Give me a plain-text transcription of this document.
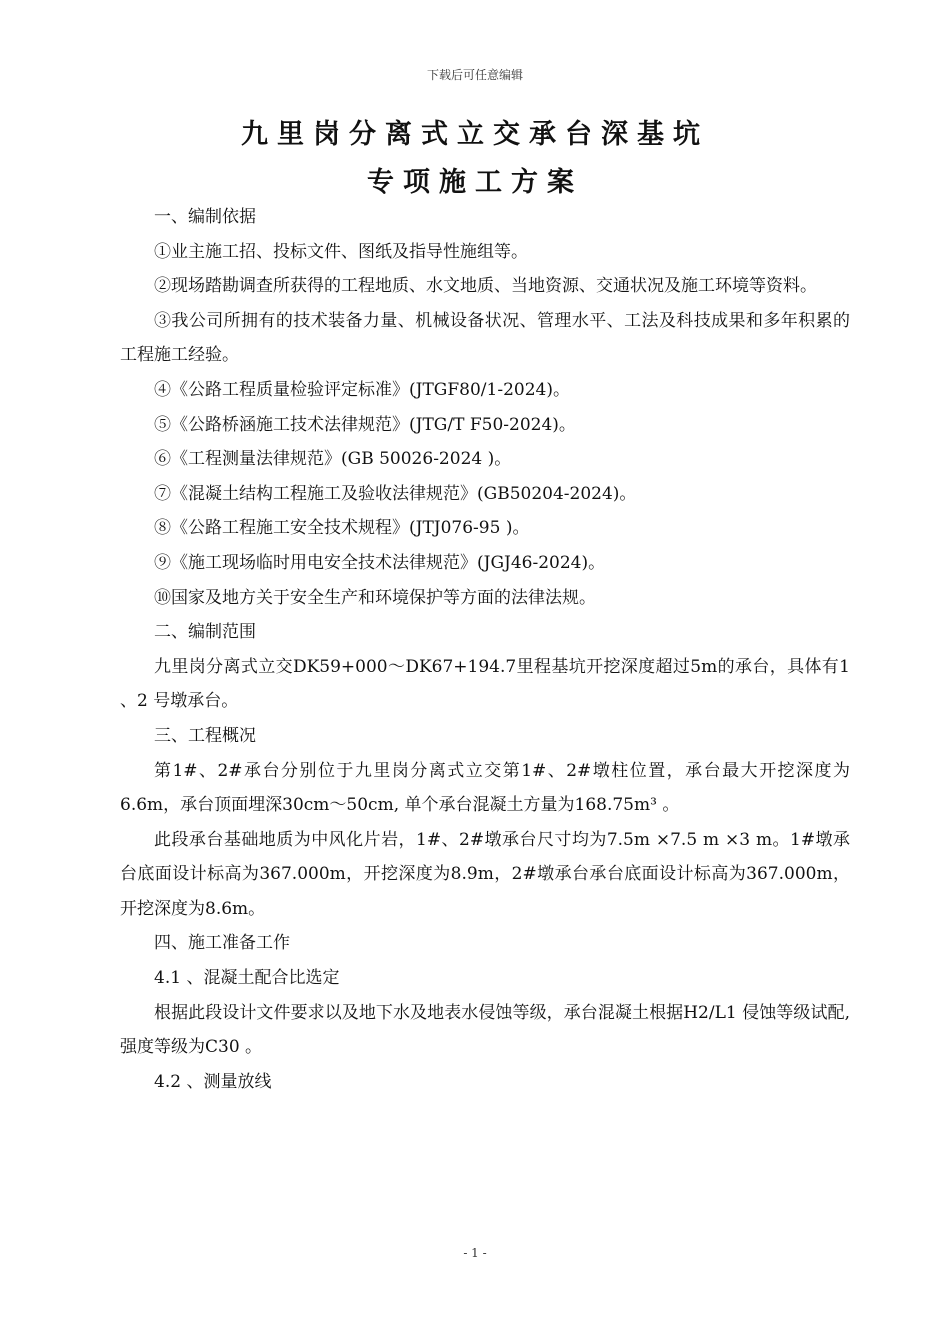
下载后可任意编辑
九里岗分离式立交承台深基坑
专项施工方案

一、编制依据

①业主施工招、投标文件、图纸及指导性施组等。

②现场踏勘调查所获得的工程地质、水文地质、当地资源、交通状况及施工环境等资料。

③我公司所拥有的技术装备力量、机械设备状况、管理水平、工法及科技成果和多年积累的工程施工经验。

④《公路工程质量检验评定标准》(JTGF80/1-2024)。

⑤《公路桥涵施工技术法律规范》(JTG/T F50-2024)。

⑥《工程测量法律规范》(GB 50026-2024 )。

⑦《混凝土结构工程施工及验收法律规范》(GB50204-2024)。

⑧《公路工程施工安全技术规程》(JTJ076-95 )。

⑨《施工现场临时用电安全技术法律规范》(JGJ46-2024)。

⑩国家及地方关于安全生产和环境保护等方面的法律法规。

二、编制范围

九里岗分离式立交DK59+000～DK67+194.7里程基坑开挖深度超过5m的承台，具体有1 、2 号墩承台。

三、工程概况

第1#、2#承台分别位于九里岗分离式立交第1#、2#墩柱位置，承台最大开挖深度为6.6m，承台顶面埋深30cm～50cm, 单个承台混凝土方量为168.75m³ 。

此段承台基础地质为中风化片岩，1#、2#墩承台尺寸均为7.5m ×7.5 m ×3 m。1#墩承台底面设计标高为367.000m，开挖深度为8.9m，2#墩承台承台底面设计标高为367.000m，开挖深度为8.6m。

四、施工准备工作

4.1 、混凝土配合比选定

根据此段设计文件要求以及地下水及地表水侵蚀等级，承台混凝土根据H2/L1 侵蚀等级试配, 强度等级为C30 。

4.2 、测量放线

- 1 -
